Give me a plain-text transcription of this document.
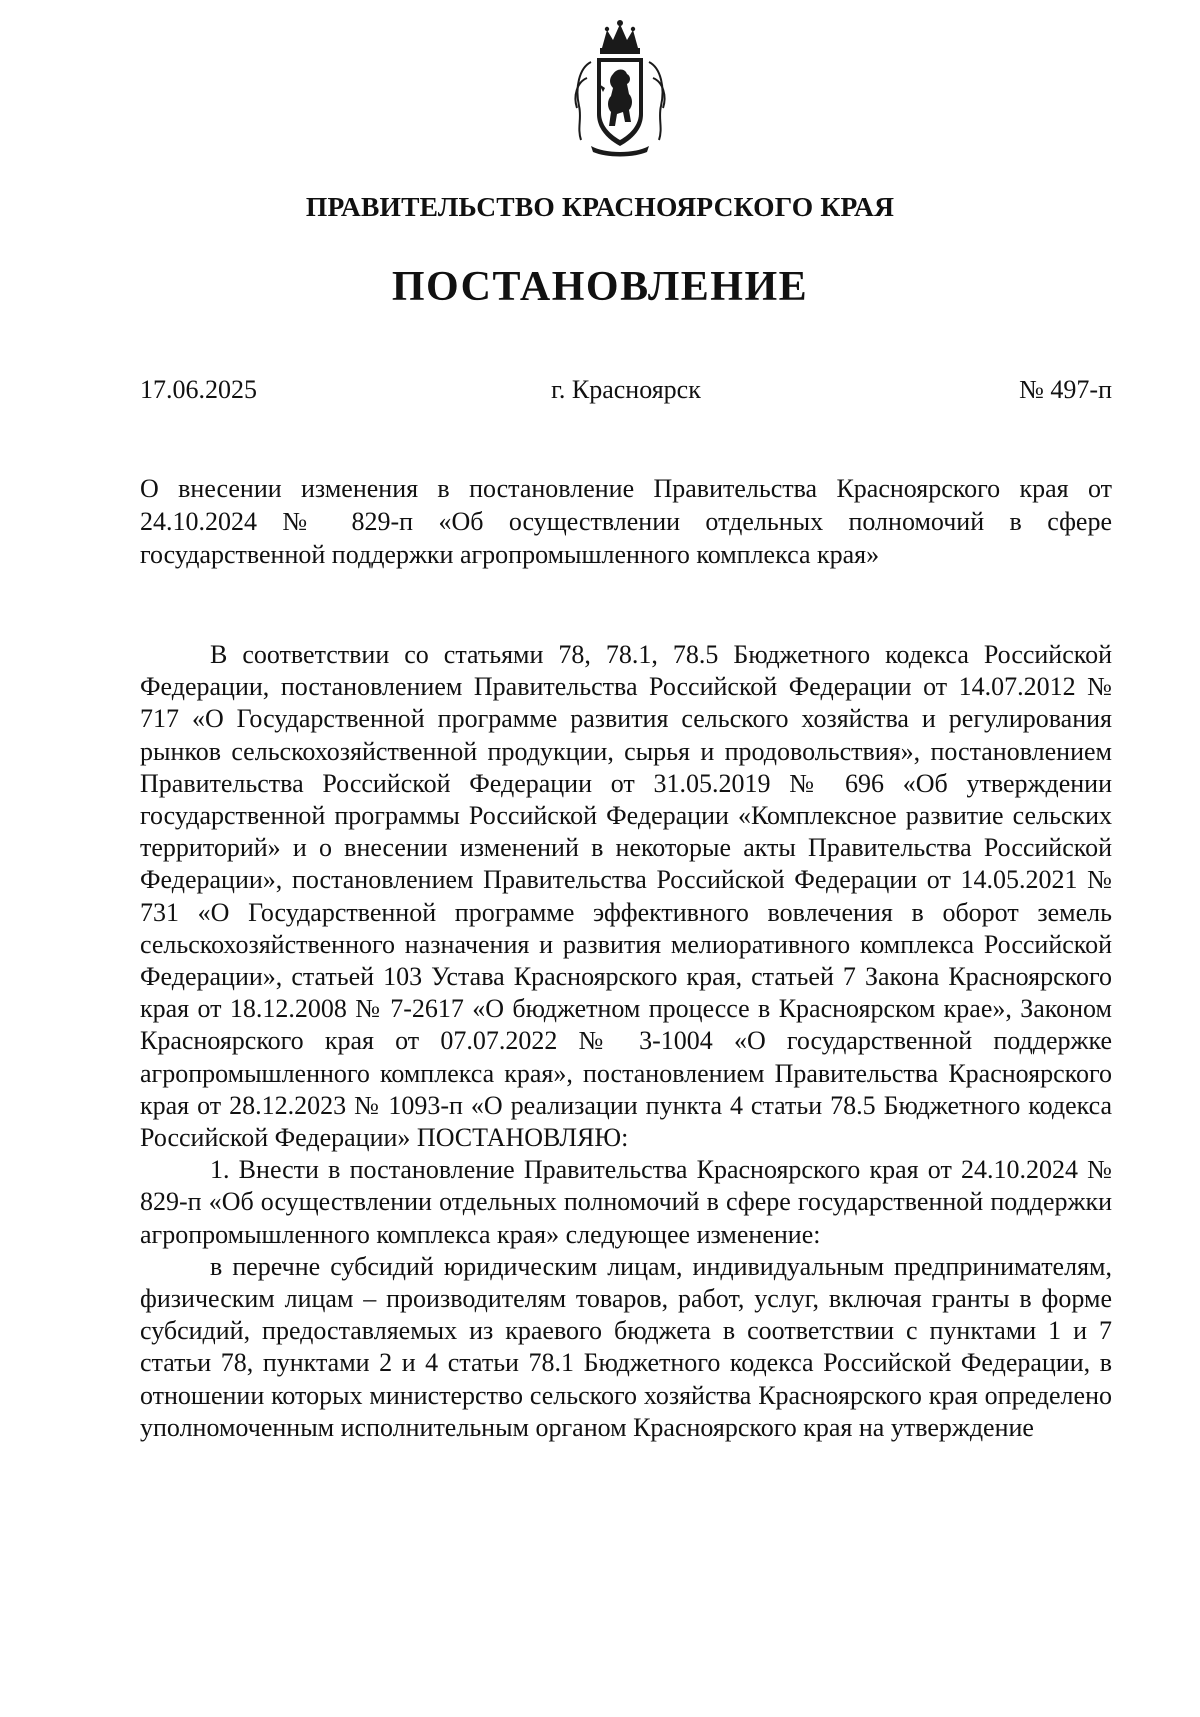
ПРАВИТЕЛЬСТВО КРАСНОЯРСКОГО КРАЯ
ПОСТАНОВЛЕНИЕ
17.06.2025	г. Красноярск	№ 497-п
О внесении изменения в постановление Правительства Красноярского края от 24.10.2024 № 829-п «Об осуществлении отдельных полномочий в сфере государственной поддержки агропромышленного комплекса края»

В соответствии со статьями 78, 78.1, 78.5 Бюджетного кодекса Российской Федерации, постановлением Правительства Российской Федерации от 14.07.2012 № 717 «О Государственной программе развития сельского хозяйства и регулирования рынков сельскохозяйственной продукции, сырья и продовольствия», постановлением Правительства Российской Федерации от 31.05.2019 № 696 «Об утверждении государственной программы Российской Федерации «Комплексное развитие сельских территорий» и о внесении изменений в некоторые акты Правительства Российской Федерации», постановлением Правительства Российской Федерации от 14.05.2021 № 731 «О Государственной программе эффективного вовлечения в оборот земель сельскохозяйственного назначения и развития мелиоративного комплекса Российской Федерации», статьей 103 Устава Красноярского края, статьей 7 Закона Красноярского края от 18.12.2008 № 7-2617 «О бюджетном процессе в Красноярском крае», Законом Красноярского края от 07.07.2022 № 3-1004 «О государственной поддержке агропромышленного комплекса края», постановлением Правительства Красноярского края от 28.12.2023 № 1093-п «О реализации пункта 4 статьи 78.5 Бюджетного кодекса Российской Федерации» ПОСТАНОВЛЯЮ:

1. Внести в постановление Правительства Красноярского края от 24.10.2024 № 829-п «Об осуществлении отдельных полномочий в сфере государственной поддержки агропромышленного комплекса края» следующее изменение:

в перечне субсидий юридическим лицам, индивидуальным предпринимателям, физическим лицам – производителям товаров, работ, услуг, включая гранты в форме субсидий, предоставляемых из краевого бюджета в соответствии с пунктами 1 и 7 статьи 78, пунктами 2 и 4 статьи 78.1 Бюджетного кодекса Российской Федерации, в отношении которых министерство сельского хозяйства Красноярского края определено уполномоченным исполнительным органом Красноярского края на утверждение
